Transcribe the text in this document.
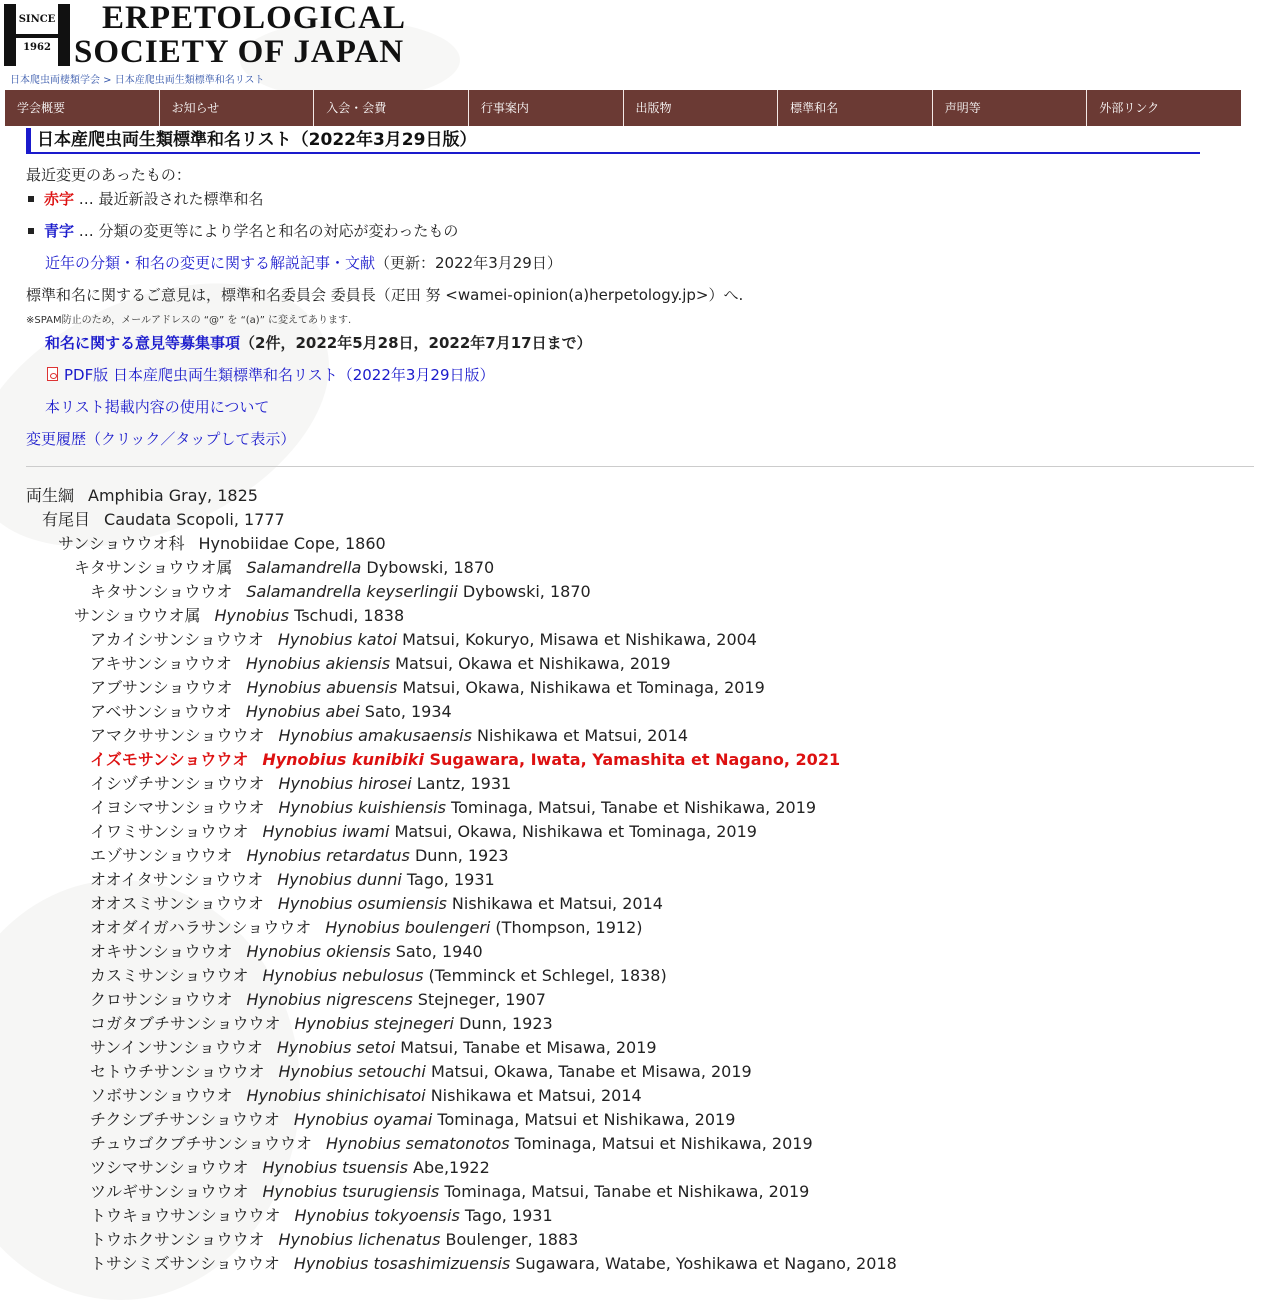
SINCE
1962
ERPETOLOGICAL
SOCIETY OF JAPAN
日本爬虫両棲類学会 > 日本産爬虫両生類標準和名リスト
学会概要	お知らせ	入会・会費	行事案内	出版物	標準和名	声明等	外部リンク
日本産爬虫両生類標準和名リスト（2022年3月29日版）
最近変更のあったもの：
赤字 … 最近新設された標準和名
青字 … 分類の変更等により学名と和名の対応が変わったもの
近年の分類・和名の変更に関する解説記事・文献（更新：2022年3月29日）
標準和名に関するご意見は，標準和名委員会 委員長（疋田 努 <wamei-opinion(a)herpetology.jp>）へ.
※SPAM防止のため，メールアドレスの “@” を “(a)” に変えてあります.
和名に関する意見等募集事項（2件，2022年5月28日，2022年7月17日まで）
PDF版 日本産爬虫両生類標準和名リスト（2022年3月29日版）
本リスト掲載内容の使用について
変更履歴（クリック／タップして表示）
両生綱 Amphibia Gray, 1825
有尾目 Caudata Scopoli, 1777
サンショウウオ科 Hynobiidae Cope, 1860
キタサンショウウオ属 Salamandrella Dybowski, 1870
キタサンショウウオ Salamandrella keyserlingii Dybowski, 1870
サンショウウオ属 Hynobius Tschudi, 1838
アカイシサンショウウオ Hynobius katoi Matsui, Kokuryo, Misawa et Nishikawa, 2004
アキサンショウウオ Hynobius akiensis Matsui, Okawa et Nishikawa, 2019
アブサンショウウオ Hynobius abuensis Matsui, Okawa, Nishikawa et Tominaga, 2019
アベサンショウウオ Hynobius abei Sato, 1934
アマクササンショウウオ Hynobius amakusaensis Nishikawa et Matsui, 2014
イズモサンショウウオ Hynobius kunibiki Sugawara, Iwata, Yamashita et Nagano, 2021
イシヅチサンショウウオ Hynobius hirosei Lantz, 1931
イヨシマサンショウウオ Hynobius kuishiensis Tominaga, Matsui, Tanabe et Nishikawa, 2019
イワミサンショウウオ Hynobius iwami Matsui, Okawa, Nishikawa et Tominaga, 2019
エゾサンショウウオ Hynobius retardatus Dunn, 1923
オオイタサンショウウオ Hynobius dunni Tago, 1931
オオスミサンショウウオ Hynobius osumiensis Nishikawa et Matsui, 2014
オオダイガハラサンショウウオ Hynobius boulengeri (Thompson, 1912)
オキサンショウウオ Hynobius okiensis Sato, 1940
カスミサンショウウオ Hynobius nebulosus (Temminck et Schlegel, 1838)
クロサンショウウオ Hynobius nigrescens Stejneger, 1907
コガタブチサンショウウオ Hynobius stejnegeri Dunn, 1923
サンインサンショウウオ Hynobius setoi Matsui, Tanabe et Misawa, 2019
セトウチサンショウウオ Hynobius setouchi Matsui, Okawa, Tanabe et Misawa, 2019
ソボサンショウウオ Hynobius shinichisatoi Nishikawa et Matsui, 2014
チクシブチサンショウウオ Hynobius oyamai Tominaga, Matsui et Nishikawa, 2019
チュウゴクブチサンショウウオ Hynobius sematonotos Tominaga, Matsui et Nishikawa, 2019
ツシマサンショウウオ Hynobius tsuensis Abe,1922
ツルギサンショウウオ Hynobius tsurugiensis Tominaga, Matsui, Tanabe et Nishikawa, 2019
トウキョウサンショウウオ Hynobius tokyoensis Tago, 1931
トウホクサンショウウオ Hynobius lichenatus Boulenger, 1883
トサシミズサンショウウオ Hynobius tosashimizuensis Sugawara, Watabe, Yoshikawa et Nagano, 2018
